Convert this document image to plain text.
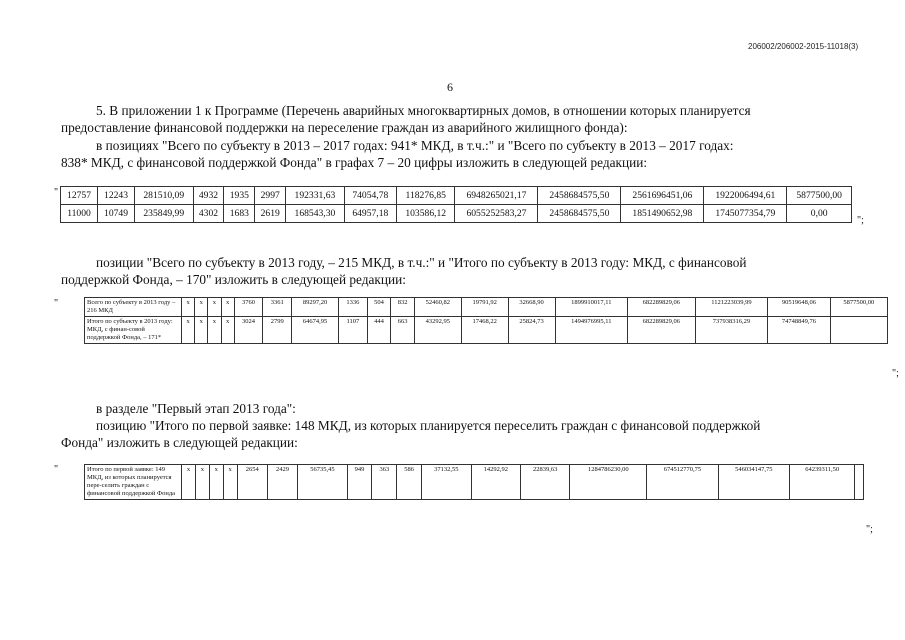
206002/206002-2015-11018(3)
6
5. В приложении 1 к Программе (Перечень аварийных многоквартирных домов, в отношении которых планируется
предоставление финансовой поддержки на переселение граждан из аварийного жилищного фонда):
в позициях "Всего по субъекту в 2013 – 2017 годах: 941* МКД, в т.ч.:" и "Всего по субъекту в 2013 – 2017 годах:
838* МКД, с финансовой поддержкой Фонда" в графах 7 – 20 цифры изложить в следующей редакции:
" 12757	12243	281510,09	4932	1935	2997	192331,63	74054,78	118276,85	6948265021,17	2458684575,50	2561696451,06	1922006494,61	5877500,00
11000	10749	235849,99	4302	1683	2619	168543,30	64957,18	103586,12	6055252583,27	2458684575,50	1851490652,98	1745077354,79	0,00
";
позиции "Всего по субъекту в 2013 году, – 215 МКД, в т.ч.:" и "Итого по субъекту в 2013 году: МКД, с финансовой
поддержкой Фонда, – 170" изложить в следующей редакции:
"	Всего по субъекту в 2013 году – 216 МКД	x	x	x	x	3760	3361	89297,20	1336	504	832	52460,82	19791,92	32668,90	1899910017,11	682289829,06	1121223039,99	90519648,06	5877500,00
Итого по субъекту в 2013 году: МКД, с финан-совой поддержкой Фонда, – 171*	x	x	x	x	3024	2799	64674,95	1107	444	663	43292,95	17468,22	25824,73	1494976995,11	682289829,06	737938316,29	74748849,76	
";
в разделе "Первый этап 2013 года":
позицию "Итого по первой заявке: 148 МКД, из которых планируется переселить граждан с финансовой поддержкой
Фонда" изложить в следующей редакции:
"	Итого по первой заявке: 149 МКД, из которых планируется пере-селить граждан с финансовой поддержкой Фонда	x	x	x	x	2654	2429	56735,45	949	363	586	37132,55	14292,92	22839,63	1284786230,00	674512770,75	546034147,75	64239311,50	
";
